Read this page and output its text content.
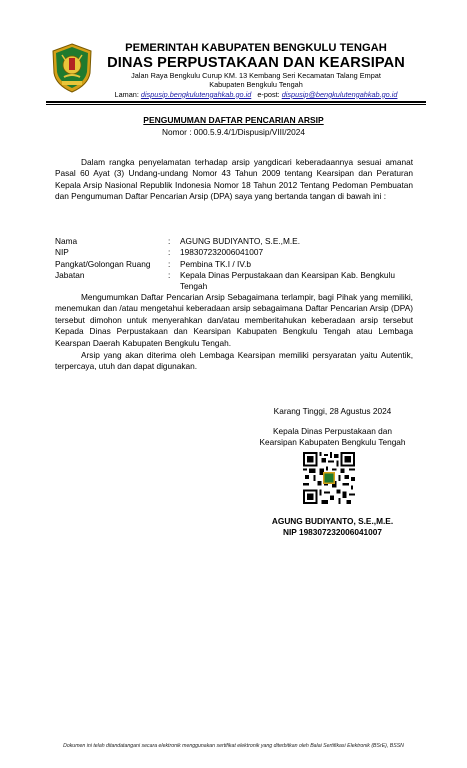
PEMERINTAH KABUPATEN BENGKULU TENGAH
DINAS PERPUSTAKAAN DAN KEARSIPAN
Jalan Raya Bengkulu Curup KM. 13 Kembang Seri Kecamatan Talang Empat
Kabupaten Bengkulu Tengah
Laman: dispusip.bengkulutengahkab.go.id e-post: dispusip@bengkulutengahkab.go.id
PENGUMUMAN DAFTAR PENCARIAN ARSIP
Nomor : 000.5.9.4/1/Dispusip/VIII/2024
Dalam rangka penyelamatan terhadap arsip yangdicari keberadaannya sesuai amanat Pasal 60 Ayat (3) Undang-undang Nomor 43 Tahun 2009 tentang Kearsipan dan Peraturan Kepala Arsip Nasional Republik Indonesia Nomor 18 Tahun 2012 Tentang Pedoman Pembuatan dan Pengumuman Daftar Pencarian Arsip (DPA) saya yang bertanda tangan di bawah ini :
Nama	:	AGUNG BUDIYANTO, S.E.,M.E.
NIP	:	198307232006041007
Pangkat/Golongan Ruang	:	Pembina TK.I / IV.b
Jabatan	:	Kepala Dinas Perpustakaan dan Kearsipan Kab. Bengkulu Tengah
Mengumumkan Daftar Pencarian Arsip Sebagaimana terlampir, bagi Pihak yang memiliki, menemukan dan /atau mengetahui keberadaan arsip sebagaimana Daftar Pencarian Arsip (DPA) tersebut dimohon untuk menyerahkan dan/atau memberitahukan keberadaan arsip tersebut Kepada Dinas Perpustakaan dan Kearsipan Kabupaten Bengkulu Tengah atau Lembaga Kearspan Daerah Kabupaten Bengkulu Tengah.
Arsip yang akan diterima oleh Lembaga Kearsipan memiliki persyaratan yaitu Autentik, terpercaya, utuh dan dapat digunakan.
Karang Tinggi, 28 Agustus 2024
Kepala Dinas Perpustakaan dan
Kearsipan Kabupaten Bengkulu Tengah
AGUNG BUDIYANTO, S.E.,M.E.
NIP 198307232006041007
Dokumen ini telah ditandatangani secara elektronik menggunakan sertifikat elektronik yang diterbitkan oleh Balai Sertifikasi Elektronik (BSrE), BSSN
